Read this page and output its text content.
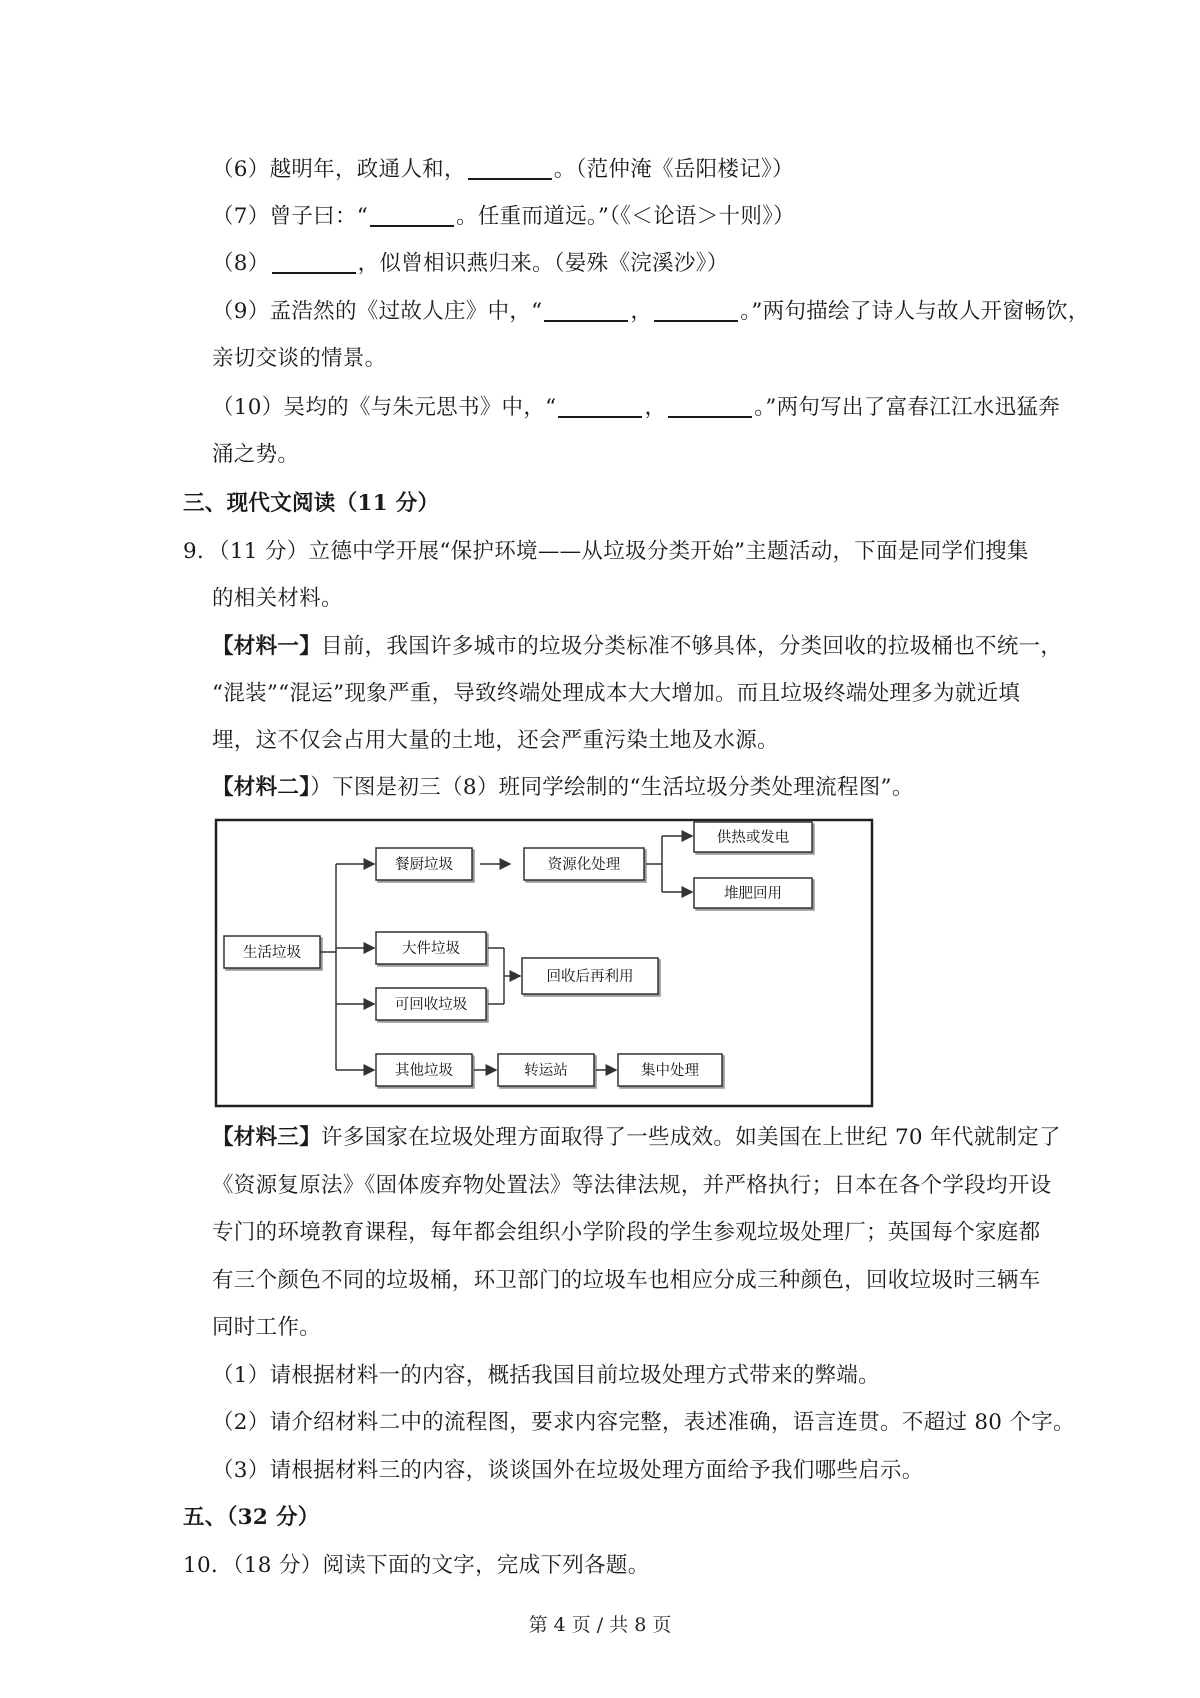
（6）越明年，政通人和，	。（范仲淹《岳阳楼记》）
（7）曾子曰：“	。任重而道远。”（《＜论语＞十则》）
（8）	，似曾相识燕归来。（晏殊《浣溪沙》）
（9）孟浩然的《过故人庄》中，“	，	。”两句描绘了诗人与故人开窗畅饮，
亲切交谈的情景。
（10）吴均的《与朱元思书》中，“	，	。”两句写出了富春江江水迅猛奔
涌之势。
三、现代文阅读（11 分）
9．（11 分）立德中学开展“保护环境——从垃圾分类开始”主题活动，下面是同学们搜集
的相关材料。
【材料一】目前，我国许多城市的垃圾分类标准不够具体，分类回收的拉圾桶也不统一，
“混装”“混运”现象严重，导致终端处理成本大大增加。而且垃圾终端处理多为就近填
埋，这不仅会占用大量的土地，还会严重污染土地及水源。
【材料二】）下图是初三（8）班同学绘制的“生活垃圾分类处理流程图”。
生活垃圾
餐厨垃圾	资源化处理
供热或发电
堆肥回用
大件垃圾
可回收垃圾
回收后再利用
其他垃圾	转运站	集中处理
【材料三】许多国家在垃圾处理方面取得了一些成效。如美国在上世纪 70 年代就制定了
《资源复原法》《固体废弃物处置法》等法律法规，并严格执行；日本在各个学段均开设
专门的环境教育课程，每年都会组织小学阶段的学生参观垃圾处理厂；英国每个家庭都
有三个颜色不同的垃圾桶，环卫部门的垃圾车也相应分成三种颜色，回收垃圾时三辆车
同时工作。
（1）请根据材料一的内容，概括我国目前垃圾处理方式带来的弊端。
（2）请介绍材料二中的流程图，要求内容完整，表述准确，语言连贯。不超过 80 个字。
（3）请根据材料三的内容，谈谈国外在垃圾处理方面给予我们哪些启示。
五、（32 分）
10．（18 分）阅读下面的文字，完成下列各题。
第 4 页 / 共 8 页
